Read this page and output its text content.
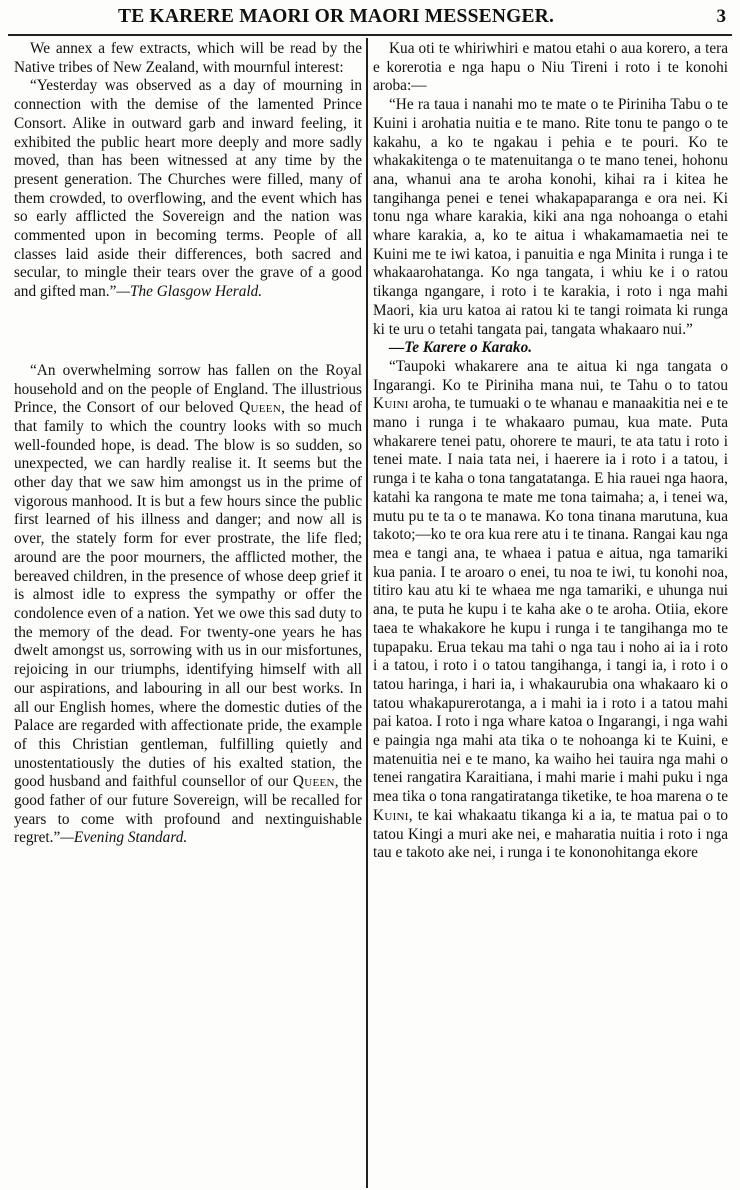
TE KARERE MAORI OR MAORI MESSENGER.	3

We annex a few extracts, which will be read by the Native tribes of New Zealand, with mournful interest:

“Yesterday was observed as a day of mourning in connection with the demise of the lamented Prince Consort. Alike in outward garb and inward feeling, it exhibited the public heart more deeply and more sadly moved, than has been witnessed at any time by the present generation. The Churches were filled, many of them crowded, to overflowing, and the event which has so early afflicted the Sovereign and the nation was commented upon in becoming terms. People of all classes laid aside their differences, both sacred and secular, to mingle their tears over the grave of a good and gifted man.”—The Glasgow Herald.

“An overwhelming sorrow has fallen on the Royal household and on the people of England. The illustrious Prince, the Consort of our beloved Queen, the head of that family to which the country looks with so much well-founded hope, is dead. The blow is so sudden, so unexpected, we can hardly realise it. It seems but the other day that we saw him amongst us in the prime of vigorous manhood. It is but a few hours since the public first learned of his illness and danger; and now all is over, the stately form for ever prostrate, the life fled; around are the poor mourners, the afflicted mother, the bereaved children, in the presence of whose deep grief it is almost idle to express the sympathy or offer the condolence even of a nation. Yet we owe this sad duty to the memory of the dead. For twenty-one years he has dwelt amongst us, sorrowing with us in our misfortunes, rejoicing in our triumphs, identifying himself with all our aspirations, and labouring in all our best works. In all our English homes, where the domestic duties of the Palace are regarded with affectionate pride, the example of this Christian gentleman, fulfilling quietly and unostentatiously the duties of his exalted station, the good husband and faithful counsellor of our Queen, the good father of our future Sovereign, will be recalled for years to come with profound and nextinguishable regret.”—Evening Standard.

Kua oti te whiriwhiri e matou etahi o aua korero, a tera e korerotia e nga hapu o Niu Tireni i roto i te konohi aroba:—

“He ra taua i nanahi mo te mate o te Piriniha Tabu o te Kuini i arohatia nuitia e te mano. Rite tonu te pango o te kakahu, a ko te ngakau i pehia e te pouri. Ko te whakakitenga o te matenuitanga o te mano tenei, hohonu ana, whanui ana te aroha konohi, kihai ra i kitea he tangihanga penei e tenei whakapaparanga e ora nei. Ki tonu nga whare karakia, kiki ana nga nohoanga o etahi whare karakia, a, ko te aitua i whakamamaetia nei te Kuini me te iwi katoa, i panuitia e nga Minita i runga i te whakaarohatanga. Ko nga tangata, i whiu ke i o ratou tikanga ngangare, i roto i te karakia, i roto i nga mahi Maori, kia uru katoa ai ratou ki te tangi roimata ki runga ki te uru o tetahi tangata pai, tangata whakaaro nui.”

—Te Karere o Karako.

“Taupoki whakarere ana te aitua ki nga tangata o Ingarangi. Ko te Piriniha mana nui, te Tahu o to tatou Kuini aroha, te tumuaki o te whanau e manaakitia nei e te mano i runga i te whakaaro pumau, kua mate. Puta whakarere tenei patu, ohorere te mauri, te ata tatu i roto i tenei mate. I naia tata nei, i haerere ia i roto i a tatou, i runga i te kaha o tona tangatatanga. E hia rauei nga haora, katahi ka rangona te mate me tona taimaha; a, i tenei wa, mutu pu te ta o te manawa. Ko tona tinana marutuna, kua takoto;—ko te ora kua rere atu i te tinana. Rangai kau nga mea e tangi ana, te whaea i patua e aitua, nga tamariki kua pania. I te aroaro o enei, tu noa te iwi, tu konohi noa, titiro kau atu ki te whaea me nga tamariki, e uhunga nui ana, te puta he kupu i te kaha ake o te aroha. Otiia, ekore taea te whakakore he kupu i runga i te tangihanga mo te tupapaku. Erua tekau ma tahi o nga tau i noho ai ia i roto i a tatou, i roto i o tatou tangihanga, i tangi ia, i roto i o tatou haringa, i hari ia, i whakaurubia ona whakaaro ki o tatou whakapurerotanga, a i mahi ia i roto i a tatou mahi pai katoa. I roto i nga whare katoa o Ingarangi, i nga wahi e paingia nga mahi ata tika o te nohoanga ki te Kuini, e matenuitia nei e te mano, ka waiho hei tauira nga mahi o tenei rangatira Karaitiana, i mahi marie i mahi puku i nga mea tika o tona rangatiratanga tiketike, te hoa marena o te Kuini, te kai whakaatu tikanga ki a ia, te matua pai o to tatou Kingi a muri ake nei, e maharatia nuitia i roto i nga tau e takoto ake nei, i runga i te kononohitanga ekore
